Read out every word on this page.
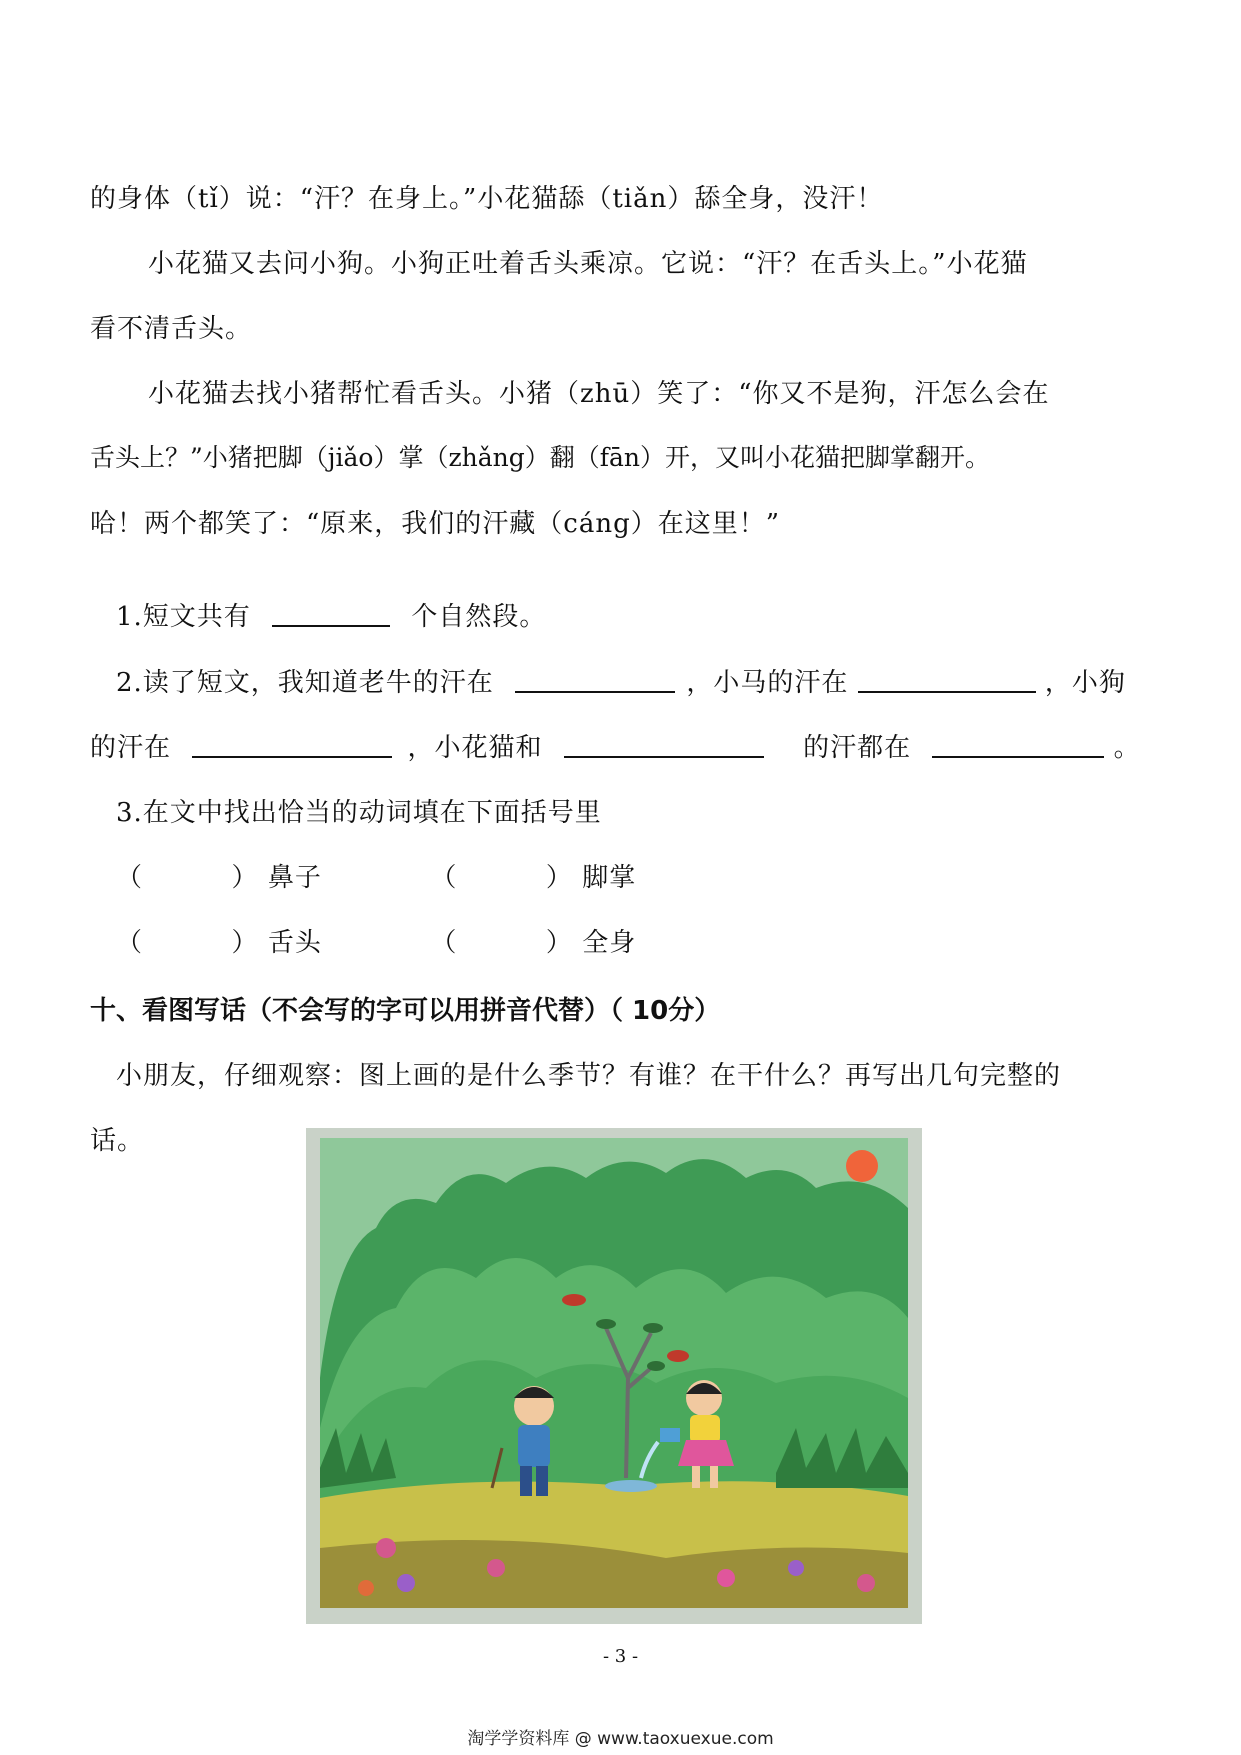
的身体（tǐ）说：“汗？在身上。”小花猫舔（tiǎn）舔全身，没汗！
小花猫又去问小狗。小狗正吐着舌头乘凉。它说：“汗？在舌头上。”小花猫
看不清舌头。
小花猫去找小猪帮忙看舌头。小猪（zhū）笑了：“你又不是狗，汗怎么会在
舌头上？”小猪把脚（jiǎo）掌（zhǎng）翻（fān）开，又叫小花猫把脚掌翻开。
哈！两个都笑了：“原来，我们的汗藏（cáng）在这里！”
1.短文共有	个自然段。
2.读了短文，我知道老牛的汗在	，小马的汗在	，小狗
的汗在	，小花猫和	的汗都在	。
3.在文中找出恰当的动词填在下面括号里
（	） 鼻子	（	） 脚掌
（	） 舌头	（	） 全身
十、看图写话（不会写的字可以用拼音代替）（ 10分）
小朋友，仔细观察：图上画的是什么季节？有谁？在干什么？再写出几句完整的
话。
- 3 -
淘学学资料库 @ www.taoxuexue.com
